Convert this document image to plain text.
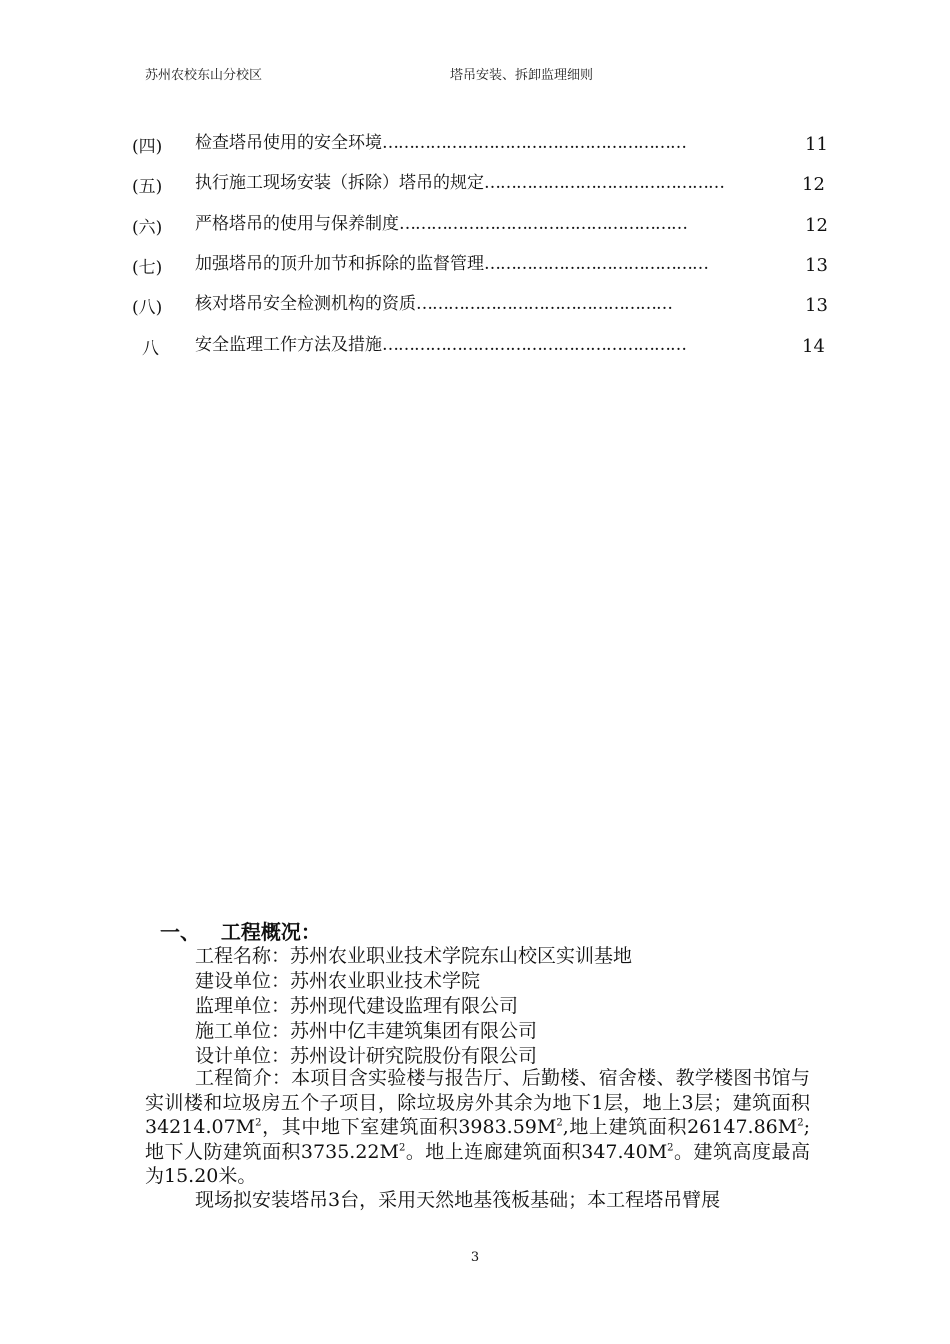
苏州农校东山分校区	塔吊安装、拆卸监理细则
(四) 检查塔吊使用的安全环境…………………………………………………	11
(五) 执行施工现场安装（拆除）塔吊的规定………………………………………	12
(六) 严格塔吊的使用与保养制度………………………………………………	12
(七) 加强塔吊的顶升加节和拆除的监督管理……………………………………	13
(八) 核对塔吊安全检测机构的资质…………………………………………	13
八 安全监理工作方法及措施…………………………………………………	14
一、   工程概况：
工程名称：苏州农业职业技术学院东山校区实训基地
建设单位：苏州农业职业技术学院
监理单位：苏州现代建设监理有限公司
施工单位：苏州中亿丰建筑集团有限公司
设计单位：苏州设计研究院股份有限公司
工程简介：本项目含实验楼与报告厅、后勤楼、宿舍楼、教学楼图书馆与实训楼和垃圾房五个子项目，除垃圾房外其余为地下1层，地上3层；建筑面积$34214.07M^2$，其中地下室建筑面积$3983.59M^2$,地上建筑面积$26147.86M^2$;地下人防建筑面积$3735.22M^2$。地上连廊建筑面积$347.40M^2$。建筑高度最高为15.20米。
现场拟安装塔吊3台，采用天然地基筏板基础；本工程塔吊臂展
3
